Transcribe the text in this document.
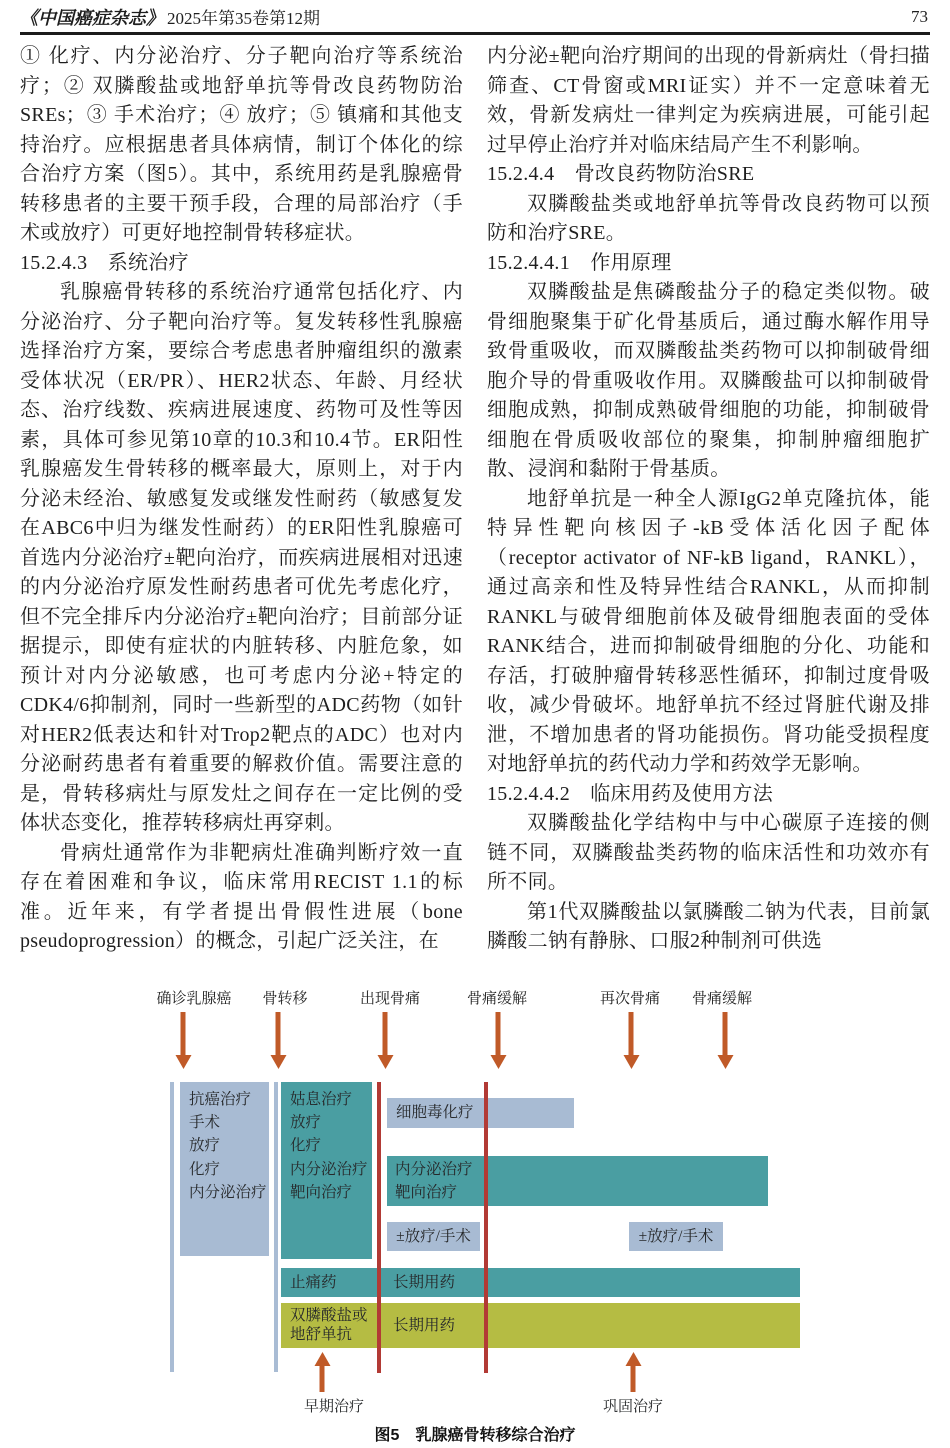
《中国癌症杂志》 2025年第35卷第12期	73

① 化疗、内分泌治疗、分子靶向治疗等系统治疗；② 双膦酸盐或地舒单抗等骨改良药物防治SREs；③ 手术治疗；④ 放疗；⑤ 镇痛和其他支持治疗。应根据患者具体病情，制订个体化的综合治疗方案（图5）。其中，系统用药是乳腺癌骨转移患者的主要干预手段，合理的局部治疗（手术或放疗）可更好地控制骨转移症状。

15.2.4.3　系统治疗

乳腺癌骨转移的系统治疗通常包括化疗、内分泌治疗、分子靶向治疗等。复发转移性乳腺癌选择治疗方案，要综合考虑患者肿瘤组织的激素受体状况（ER/PR）、HER2状态、年龄、月经状态、治疗线数、疾病进展速度、药物可及性等因素，具体可参见第10章的10.3和10.4节。ER阳性乳腺癌发生骨转移的概率最大，原则上，对于内分泌未经治、敏感复发或继发性耐药（敏感复发在ABC6中归为继发性耐药）的ER阳性乳腺癌可首选内分泌治疗±靶向治疗，而疾病进展相对迅速的内分泌治疗原发性耐药患者可优先考虑化疗，但不完全排斥内分泌治疗±靶向治疗；目前部分证据提示，即使有症状的内脏转移、内脏危象，如预计对内分泌敏感，也可考虑内分泌+特定的CDK4/6抑制剂，同时一些新型的ADC药物（如针对HER2低表达和针对Trop2靶点的ADC）也对内分泌耐药患者有着重要的解救价值。需要注意的是，骨转移病灶与原发灶之间存在一定比例的受体状态变化，推荐转移病灶再穿刺。

骨病灶通常作为非靶病灶准确判断疗效一直存在着困难和争议，临床常用RECIST 1.1的标准。近年来，有学者提出骨假性进展（bone pseudoprogression）的概念，引起广泛关注，在

内分泌±靶向治疗期间的出现的骨新病灶（骨扫描筛查、CT骨窗或MRI证实）并不一定意味着无效，骨新发病灶一律判定为疾病进展，可能引起过早停止治疗并对临床结局产生不利影响。

15.2.4.4　骨改良药物防治SRE

双膦酸盐类或地舒单抗等骨改良药物可以预防和治疗SRE。

15.2.4.4.1　作用原理

双膦酸盐是焦磷酸盐分子的稳定类似物。破骨细胞聚集于矿化骨基质后，通过酶水解作用导致骨重吸收，而双膦酸盐类药物可以抑制破骨细胞介导的骨重吸收作用。双膦酸盐可以抑制破骨细胞成熟，抑制成熟破骨细胞的功能，抑制破骨细胞在骨质吸收部位的聚集，抑制肿瘤细胞扩散、浸润和黏附于骨基质。

地舒单抗是一种全人源IgG2单克隆抗体，能特异性靶向核因子-kB受体活化因子配体（receptor activator of NF-kB ligand，RANKL），通过高亲和性及特异性结合RANKL，从而抑制RANKL与破骨细胞前体及破骨细胞表面的受体RANK结合，进而抑制破骨细胞的分化、功能和存活，打破肿瘤骨转移恶性循环，抑制过度骨吸收，减少骨破坏。地舒单抗不经过肾脏代谢及排泄，不增加患者的肾功能损伤。肾功能受损程度对地舒单抗的药代动力学和药效学无影响。

15.2.4.4.2　临床用药及使用方法

双膦酸盐化学结构中与中心碳原子连接的侧链不同，双膦酸盐类药物的临床活性和功效亦有所不同。

第1代双膦酸盐以氯膦酸二钠为代表，目前氯膦酸二钠有静脉、口服2种制剂可供选

确诊乳腺癌 骨转移	出现骨痛	骨痛缓解	再次骨痛 骨痛缓解
抗癌治疗
手术
放疗
化疗
内分泌治疗
姑息治疗
放疗
化疗
内分泌治疗
靶向治疗
细胞毒化疗
内分泌治疗
靶向治疗
±放疗/手术	±放疗/手术
止痛药	长期用药
双膦酸盐或
地舒单抗	长期用药
早期治疗	巩固治疗
图5　乳腺癌骨转移综合治疗
